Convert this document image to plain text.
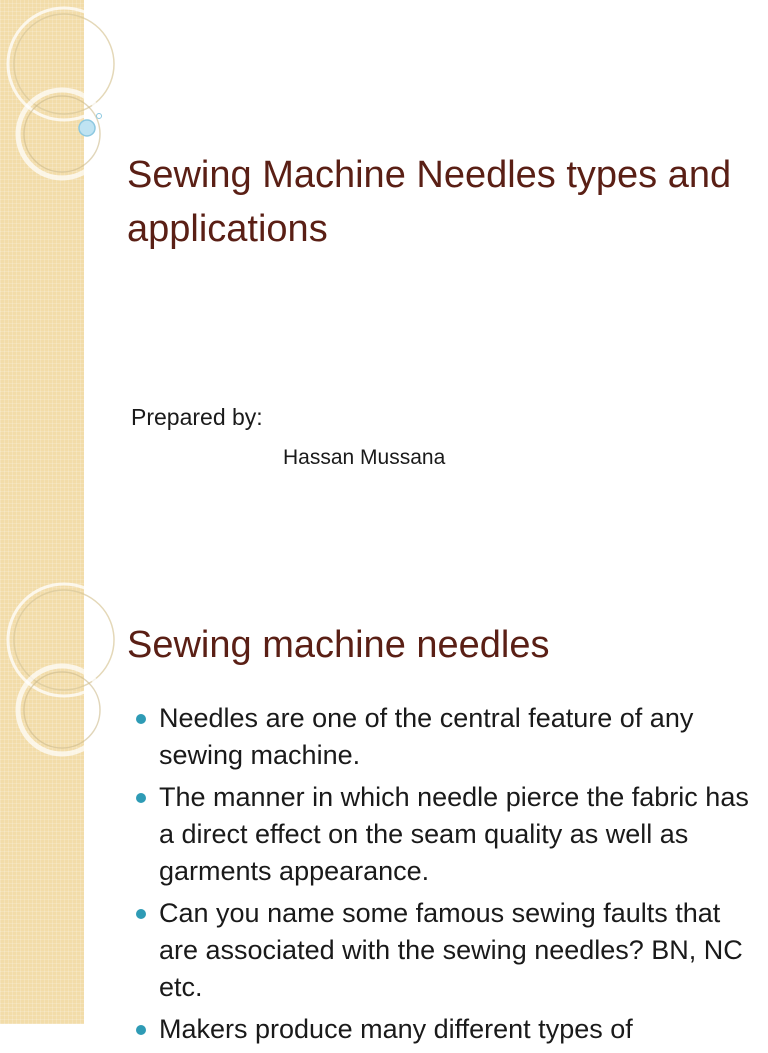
Sewing Machine Needles types and applications
Prepared by:
Hassan Mussana
Sewing machine needles
Needles are one of the central feature of any sewing machine.
The manner in which needle pierce the fabric has a direct effect on the seam quality as well as garments appearance.
Can you name some famous sewing faults that are associated with the sewing needles? BN, NC etc.
Makers produce many different types of
